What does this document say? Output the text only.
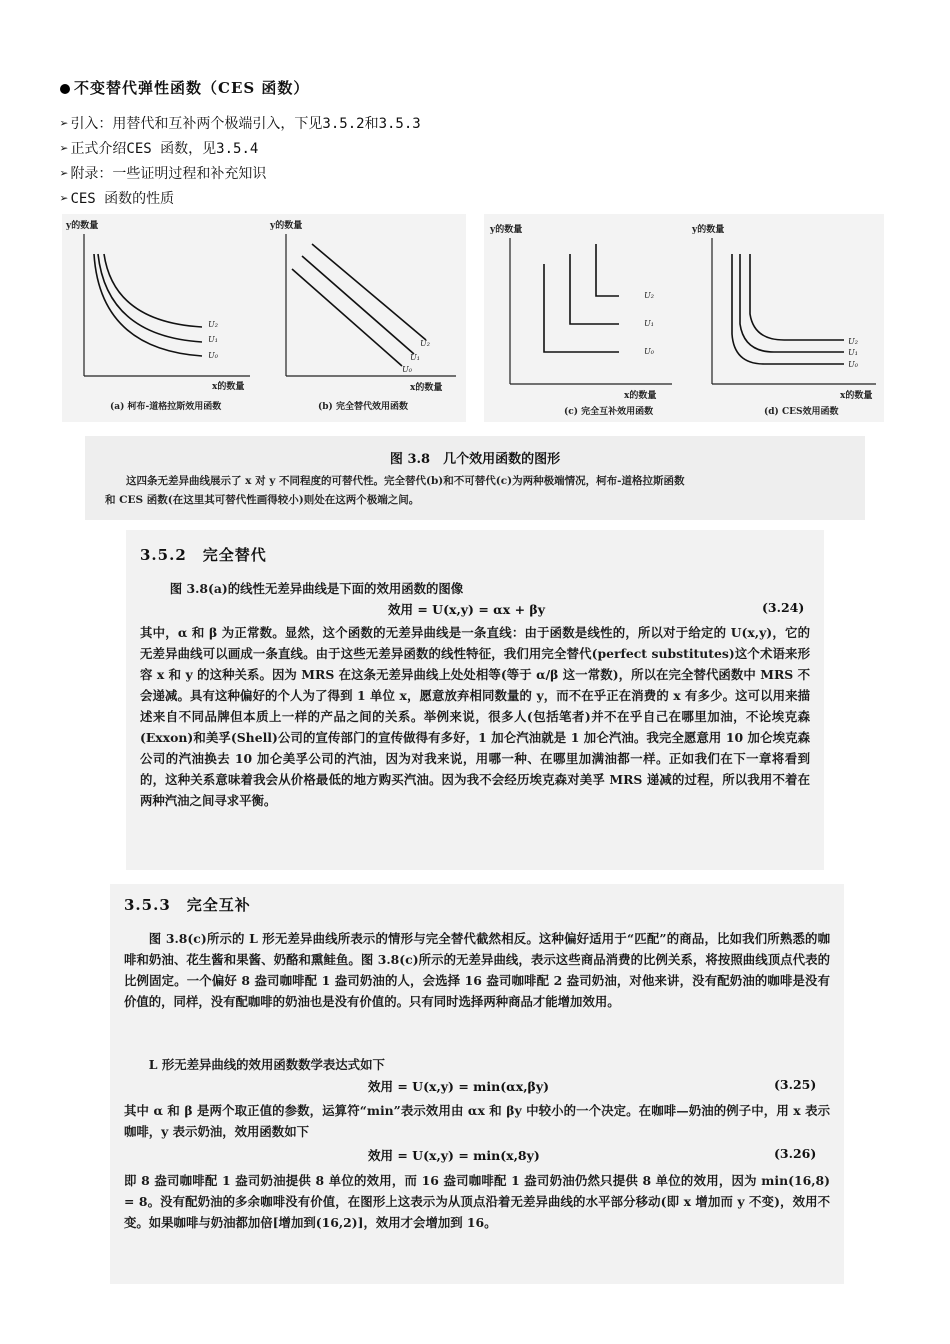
不变替代弹性函数（CES 函数）
➢ 引入：用替代和互补两个极端引入，下见3.5.2和3.5.3
➢ 正式介绍CES 函数，见3.5.4
➢ 附录：一些证明过程和补充知识
➢ CES 函数的性质
y的数量
U₂
U₁
U₀
x的数量
(a) 柯布-道格拉斯效用函数
y的数量
U₂
U₁
U₀
x的数量
(b) 完全替代效用函数
y的数量
U₂
U₁
U₀
x的数量
(c) 完全互补效用函数
y的数量
U₂
U₁
U₀
x的数量
(d) CES效用函数
图 3.8　几个效用函数的图形
这四条无差异曲线展示了 x 对 y 不同程度的可替代性。完全替代(b)和不可替代(c)为两种极端情况，柯布-道格拉斯函数
和 CES 函数(在这里其可替代性画得较小)则处在这两个极端之间。
3.5.2　完全替代
图 3.8(a)的线性无差异曲线是下面的效用函数的图像
效用 = U(x,y) = αx + βy	(3.24)
其中，α 和 β 为正常数。显然，这个函数的无差异曲线是一条直线：由于函数是线性的，所以对于给定的 U(x,y)，它的无差异曲线可以画成一条直线。由于这些无差异函数的线性特征，我们用完全替代(perfect substitutes)这个术语来形容 x 和 y 的这种关系。因为 MRS 在这条无差异曲线上处处相等(等于 α/β 这一常数)，所以在完全替代函数中 MRS 不会递减。具有这种偏好的个人为了得到 1 单位 x，愿意放弃相同数量的 y，而不在乎正在消费的 x 有多少。这可以用来描述来自不同品牌但本质上一样的产品之间的关系。举例来说，很多人(包括笔者)并不在乎自己在哪里加油，不论埃克森(Exxon)和美孚(Shell)公司的宣传部门的宣传做得有多好，1 加仑汽油就是 1 加仑汽油。我完全愿意用 10 加仑埃克森公司的汽油换去 10 加仑美孚公司的汽油，因为对我来说，用哪一种、在哪里加满油都一样。正如我们在下一章将看到的，这种关系意味着我会从价格最低的地方购买汽油。因为我不会经历埃克森对美孚 MRS 递减的过程，所以我用不着在两种汽油之间寻求平衡。
3.5.3　完全互补
图 3.8(c)所示的 L 形无差异曲线所表示的情形与完全替代截然相反。这种偏好适用于“匹配”的商品，比如我们所熟悉的咖啡和奶油、花生酱和果酱、奶酪和熏鲑鱼。图 3.8(c)所示的无差异曲线，表示这些商品消费的比例关系，将按照曲线顶点代表的比例固定。一个偏好 8 盎司咖啡配 1 盎司奶油的人，会选择 16 盎司咖啡配 2 盎司奶油，对他来讲，没有配奶油的咖啡是没有价值的，同样，没有配咖啡的奶油也是没有价值的。只有同时选择两种商品才能增加效用。
L 形无差异曲线的效用函数数学表达式如下
效用 = U(x,y) = min(αx,βy)	(3.25)
其中 α 和 β 是两个取正值的参数，运算符“min”表示效用由 αx 和 βy 中较小的一个决定。在咖啡—奶油的例子中，用 x 表示咖啡，y 表示奶油，效用函数如下
效用 = U(x,y) = min(x,8y)	(3.26)
即 8 盎司咖啡配 1 盎司奶油提供 8 单位的效用，而 16 盎司咖啡配 1 盎司奶油仍然只提供 8 单位的效用，因为 min(16,8) = 8。没有配奶油的多余咖啡没有价值，在图形上这表示为从顶点沿着无差异曲线的水平部分移动(即 x 增加而 y 不变)，效用不变。如果咖啡与奶油都加倍[增加到(16,2)]，效用才会增加到 16。
